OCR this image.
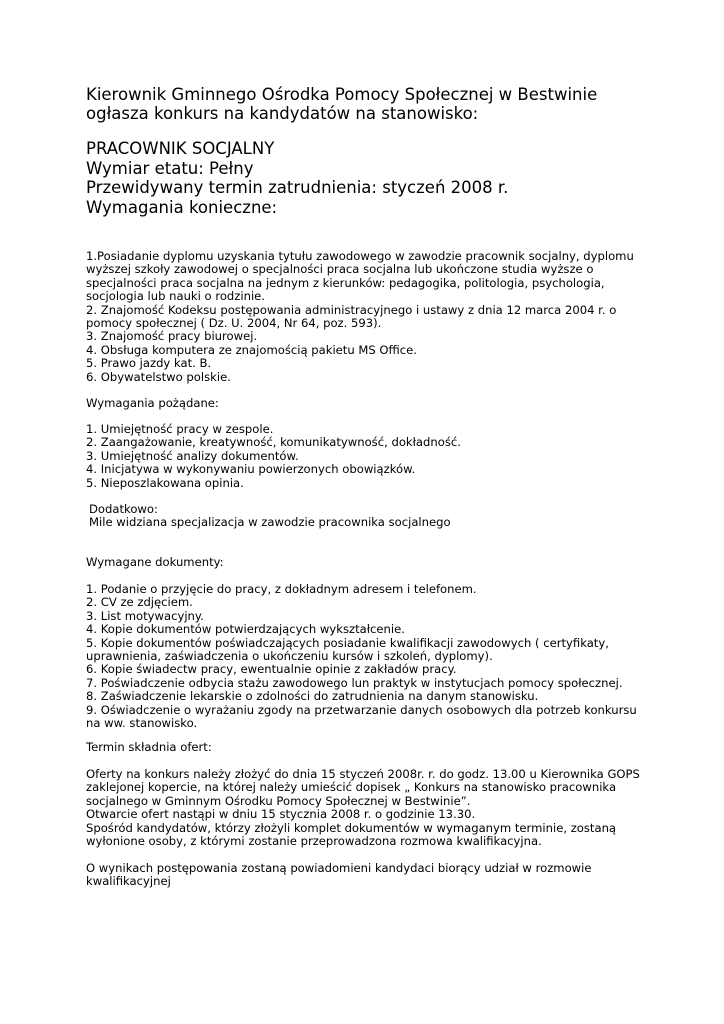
Kierownik Gminnego Ośrodka Pomocy Społecznej w Bestwinie ogłasza konkurs na kandydatów na stanowisko:

PRACOWNIK SOCJALNY
Wymiar etatu: Pełny
Przewidywany termin zatrudnienia: styczeń 2008 r.
Wymagania konieczne:

1.Posiadanie dyplomu uzyskania tytułu zawodowego w zawodzie pracownik socjalny, dyplomu wyższej szkoły zawodowej o specjalności praca socjalna lub ukończone studia wyższe o specjalności praca socjalna na jednym z kierunków: pedagogika, politologia, psychologia, socjologia lub nauki o rodzinie.

2. Znajomość Kodeksu postępowania administracyjnego i ustawy z dnia 12 marca 2004 r. o pomocy społecznej ( Dz. U. 2004, Nr 64, poz. 593).

3. Znajomość pracy biurowej.

4. Obsługa komputera ze znajomością pakietu MS Office.

5. Prawo jazdy kat. B.

6. Obywatelstwo polskie.

Wymagania pożądane:

1. Umiejętność pracy w zespole.

2. Zaangażowanie, kreatywność, komunikatywność, dokładność.

3. Umiejętność analizy dokumentów.

4. Inicjatywa w wykonywaniu powierzonych obowiązków.

5. Nieposzlakowana opinia.

Dodatkowo:

Mile widziana specjalizacja w zawodzie pracownika socjalnego

Wymagane dokumenty:

1. Podanie o przyjęcie do pracy, z dokładnym adresem i telefonem.

2. CV ze zdjęciem.

3. List motywacyjny.

4. Kopie dokumentów potwierdzających wykształcenie.

5. Kopie dokumentów poświadczających posiadanie kwalifikacji zawodowych ( certyfikaty, uprawnienia, zaświadczenia o ukończeniu kursów i szkoleń, dyplomy).

6. Kopie świadectw pracy, ewentualnie opinie z zakładów pracy.

7. Poświadczenie odbycia stażu zawodowego lun praktyk w instytucjach pomocy społecznej.

8. Zaświadczenie lekarskie o zdolności do zatrudnienia na danym stanowisku.

9. Oświadczenie o wyrażaniu zgody na przetwarzanie danych osobowych dla potrzeb konkursu na ww. stanowisko.

Termin składnia ofert:

Oferty na konkurs należy złożyć do dnia 15 styczeń 2008r. r. do godz. 13.00 u Kierownika GOPS zaklejonej kopercie, na której należy umieścić dopisek „ Konkurs na stanowisko pracownika socjalnego w Gminnym Ośrodku Pomocy Społecznej w Bestwinie”.

Otwarcie ofert nastąpi w dniu 15 stycznia 2008 r. o godzinie 13.30.

Spośród kandydatów, którzy złożyli komplet dokumentów w wymaganym terminie, zostaną wyłonione osoby, z którymi zostanie przeprowadzona rozmowa kwalifikacyjna.

O wynikach postępowania zostaną powiadomieni kandydaci biorący udział w rozmowie kwalifikacyjnej
